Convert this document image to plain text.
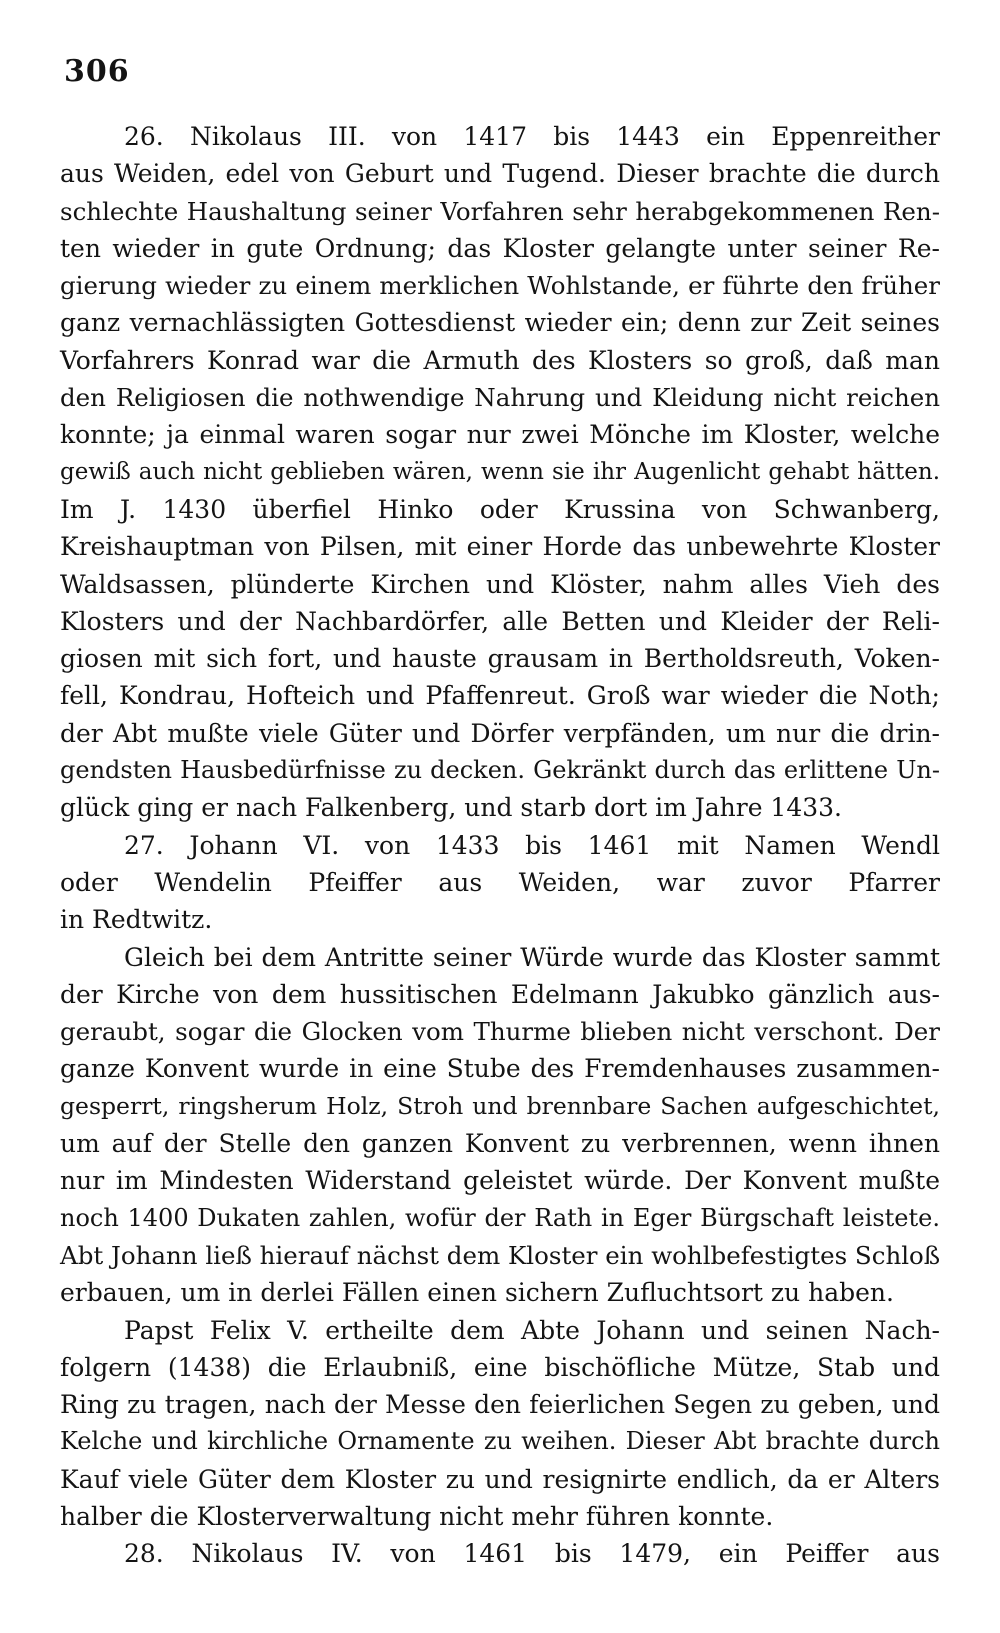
306
26. Nikolaus III. von 1417 bis 1443 ein Eppenreither
aus Weiden, edel von Geburt und Tugend. Dieser brachte die durch
schlechte Haushaltung seiner Vorfahren sehr herabgekommenen Ren-
ten wieder in gute Ordnung; das Kloster gelangte unter seiner Re-
gierung wieder zu einem merklichen Wohlstande, er führte den früher
ganz vernachlässigten Gottesdienst wieder ein; denn zur Zeit seines
Vorfahrers Konrad war die Armuth des Klosters so groß, daß man
den Religiosen die nothwendige Nahrung und Kleidung nicht reichen
konnte; ja einmal waren sogar nur zwei Mönche im Kloster, welche
gewiß auch nicht geblieben wären, wenn sie ihr Augenlicht gehabt hätten.
Im J. 1430 überfiel Hinko oder Krussina von Schwanberg,
Kreishauptman von Pilsen, mit einer Horde das unbewehrte Kloster
Waldsassen, plünderte Kirchen und Klöster, nahm alles Vieh des
Klosters und der Nachbardörfer, alle Betten und Kleider der Reli-
giosen mit sich fort, und hauste grausam in Bertholdsreuth, Voken-
fell, Kondrau, Hofteich und Pfaffenreut. Groß war wieder die Noth;
der Abt mußte viele Güter und Dörfer verpfänden, um nur die drin-
gendsten Hausbedürfnisse zu decken. Gekränkt durch das erlittene Un-
glück ging er nach Falkenberg, und starb dort im Jahre 1433.
27. Johann VI. von 1433 bis 1461 mit Namen Wendl
oder Wendelin Pfeiffer aus Weiden, war zuvor Pfarrer
in Redtwitz.
Gleich bei dem Antritte seiner Würde wurde das Kloster sammt
der Kirche von dem hussitischen Edelmann Jakubko gänzlich aus-
geraubt, sogar die Glocken vom Thurme blieben nicht verschont. Der
ganze Konvent wurde in eine Stube des Fremdenhauses zusammen-
gesperrt, ringsherum Holz, Stroh und brennbare Sachen aufgeschichtet,
um auf der Stelle den ganzen Konvent zu verbrennen, wenn ihnen
nur im Mindesten Widerstand geleistet würde. Der Konvent mußte
noch 1400 Dukaten zahlen, wofür der Rath in Eger Bürgschaft leistete.
Abt Johann ließ hierauf nächst dem Kloster ein wohlbefestigtes Schloß
erbauen, um in derlei Fällen einen sichern Zufluchtsort zu haben.
Papst Felix V. ertheilte dem Abte Johann und seinen Nach-
folgern (1438) die Erlaubniß, eine bischöfliche Mütze, Stab und
Ring zu tragen, nach der Messe den feierlichen Segen zu geben, und
Kelche und kirchliche Ornamente zu weihen. Dieser Abt brachte durch
Kauf viele Güter dem Kloster zu und resignirte endlich, da er Alters
halber die Klosterverwaltung nicht mehr führen konnte.
28. Nikolaus IV. von 1461 bis 1479, ein Peiffer aus
